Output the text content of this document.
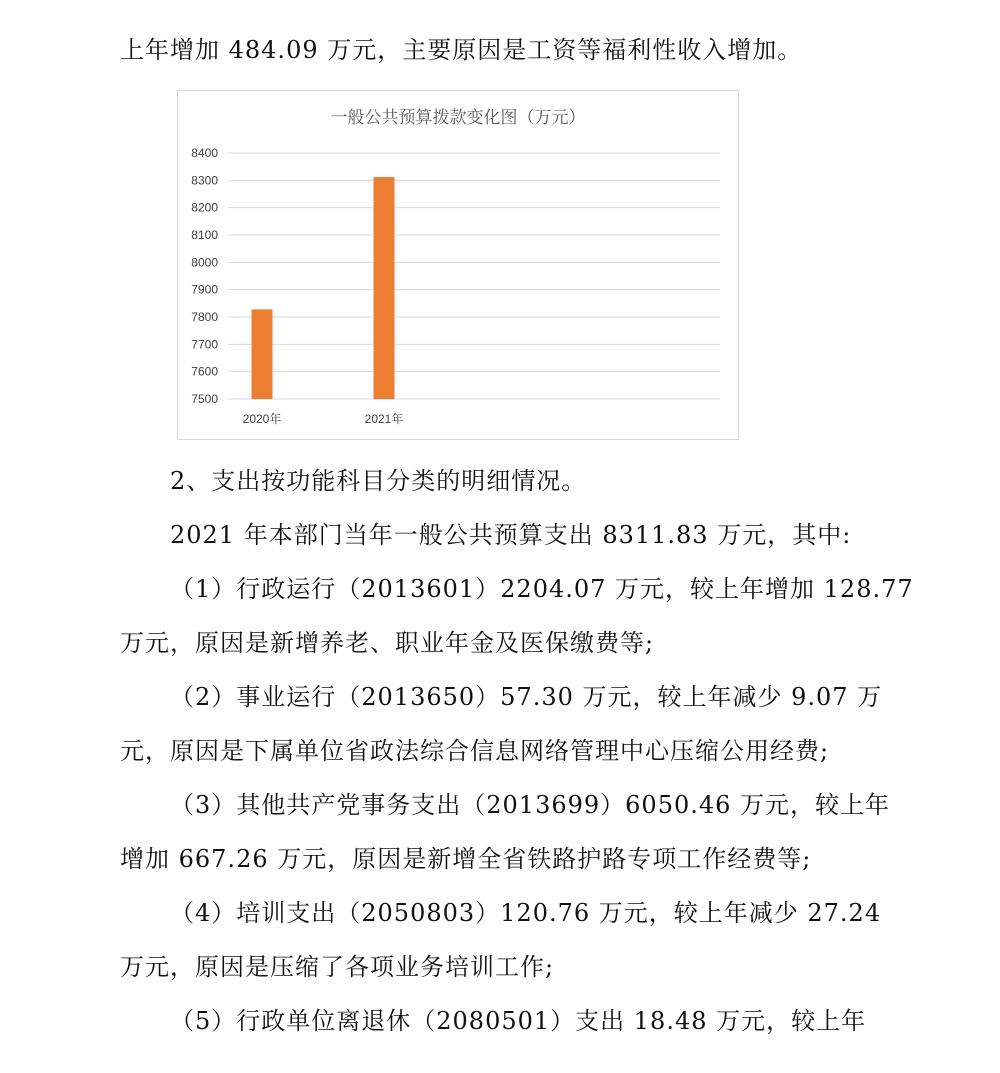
上年增加 484.09 万元，主要原因是工资等福利性收入增加。
一般公共预算拨款变化图（万元）
7500
7600
7700
7800
7900
8000
8100
8200
8300
8400
2020年	2021年
2、支出按功能科目分类的明细情况。
2021 年本部门当年一般公共预算支出 8311.83 万元，其中:
（1）行政运行（2013601）2204.07 万元，较上年增加 128.77
万元，原因是新增养老、职业年金及医保缴费等;
（2）事业运行（2013650）57.30 万元，较上年减少 9.07 万
元，原因是下属单位省政法综合信息网络管理中心压缩公用经费;
（3）其他共产党事务支出（2013699）6050.46 万元，较上年
增加 667.26 万元，原因是新增全省铁路护路专项工作经费等;
（4）培训支出（2050803）120.76 万元，较上年减少 27.24
万元，原因是压缩了各项业务培训工作;
（5）行政单位离退休（2080501）支出 18.48 万元，较上年
